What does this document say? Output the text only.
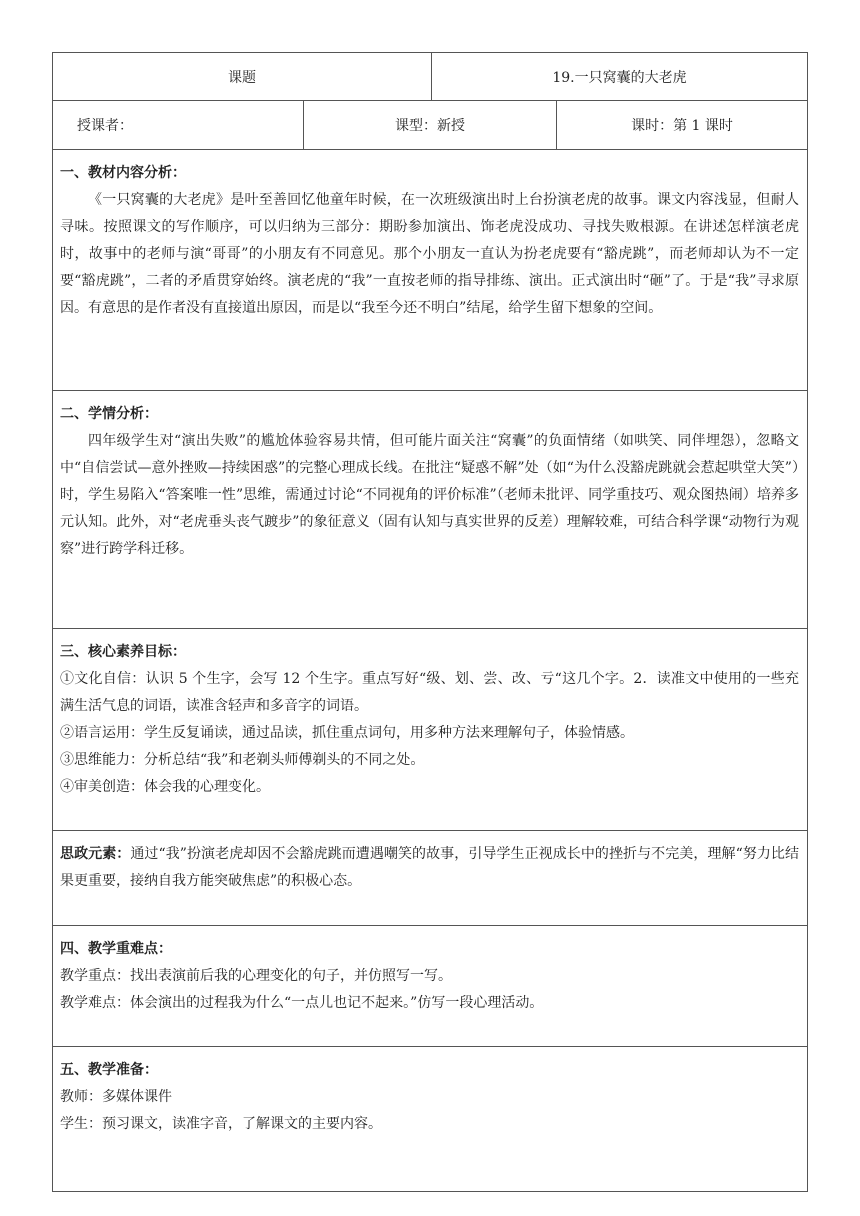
课题	19.一只窝囊的大老虎
授课者：	课型：新授	课时：第 1 课时
一、教材内容分析：
《一只窝囊的大老虎》是叶至善回忆他童年时候，在一次班级演出时上台扮演老虎的故事。课文内容浅显，但耐人寻味。按照课文的写作顺序，可以归纳为三部分：期盼参加演出、饰老虎没成功、寻找失败根源。在讲述怎样演老虎时，故事中的老师与演“哥哥”的小朋友有不同意见。那个小朋友一直认为扮老虎要有“豁虎跳”，而老师却认为不一定要“豁虎跳”，二者的矛盾贯穿始终。演老虎的“我”一直按老师的指导排练、演出。正式演出时“砸”了。于是“我”寻求原因。有意思的是作者没有直接道出原因，而是以“我至今还不明白”结尾，给学生留下想象的空间。
二、学情分析：
四年级学生对“演出失败”的尴尬体验容易共情，但可能片面关注“窝囊”的负面情绪（如哄笑、同伴埋怨），忽略文中“自信尝试—意外挫败—持续困惑”的完整心理成长线。在批注“疑惑不解”处（如“为什么没豁虎跳就会惹起哄堂大笑”）时，学生易陷入“答案唯一性”思维，需通过讨论“不同视角的评价标准”（老师未批评、同学重技巧、观众图热闹）培养多元认知。此外，对“老虎垂头丧气踱步”的象征意义（固有认知与真实世界的反差）理解较难，可结合科学课“动物行为观察”进行跨学科迁移。
三、核心素养目标：
①文化自信：认识 5 个生字，会写 12 个生字。重点写好“级、划、尝、改、亏“这几个字。2．读准文中使用的一些充满生活气息的词语，读准含轻声和多音字的词语。
②语言运用：学生反复诵读，通过品读，抓住重点词句，用多种方法来理解句子，体验情感。
③思维能力：分析总结“我”和老剃头师傅剃头的不同之处。
④审美创造：体会我的心理变化。
思政元素：通过“我”扮演老虎却因不会豁虎跳而遭遇嘲笑的故事，引导学生正视成长中的挫折与不完美，理解“努力比结果更重要，接纳自我方能突破焦虑”的积极心态。
四、教学重难点：
教学重点：找出表演前后我的心理变化的句子，并仿照写一写。
教学难点：体会演出的过程我为什么“一点儿也记不起来。”仿写一段心理活动。
五、教学准备：
教师：多媒体课件
学生：预习课文，读准字音，了解课文的主要内容。
